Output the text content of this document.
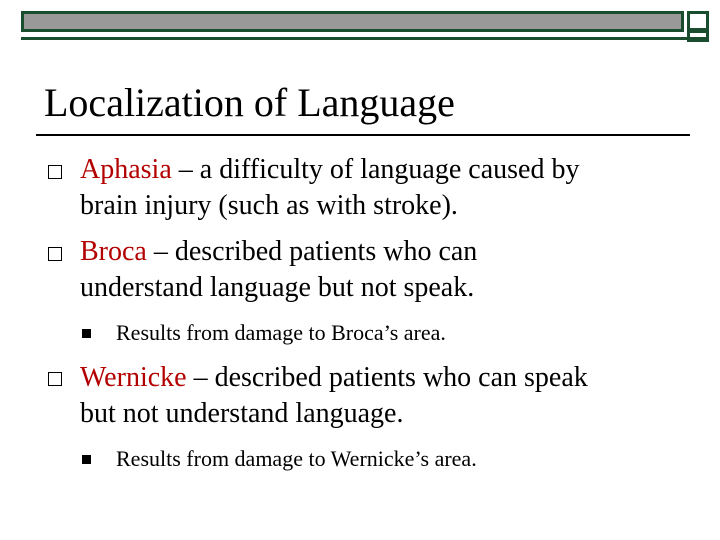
Localization of Language
Aphasia – a difficulty of language caused by
brain injury (such as with stroke).
Broca – described patients who can
understand language but not speak.
Results from damage to Broca’s area.
Wernicke – described patients who can speak
but not understand language.
Results from damage to Wernicke’s area.
